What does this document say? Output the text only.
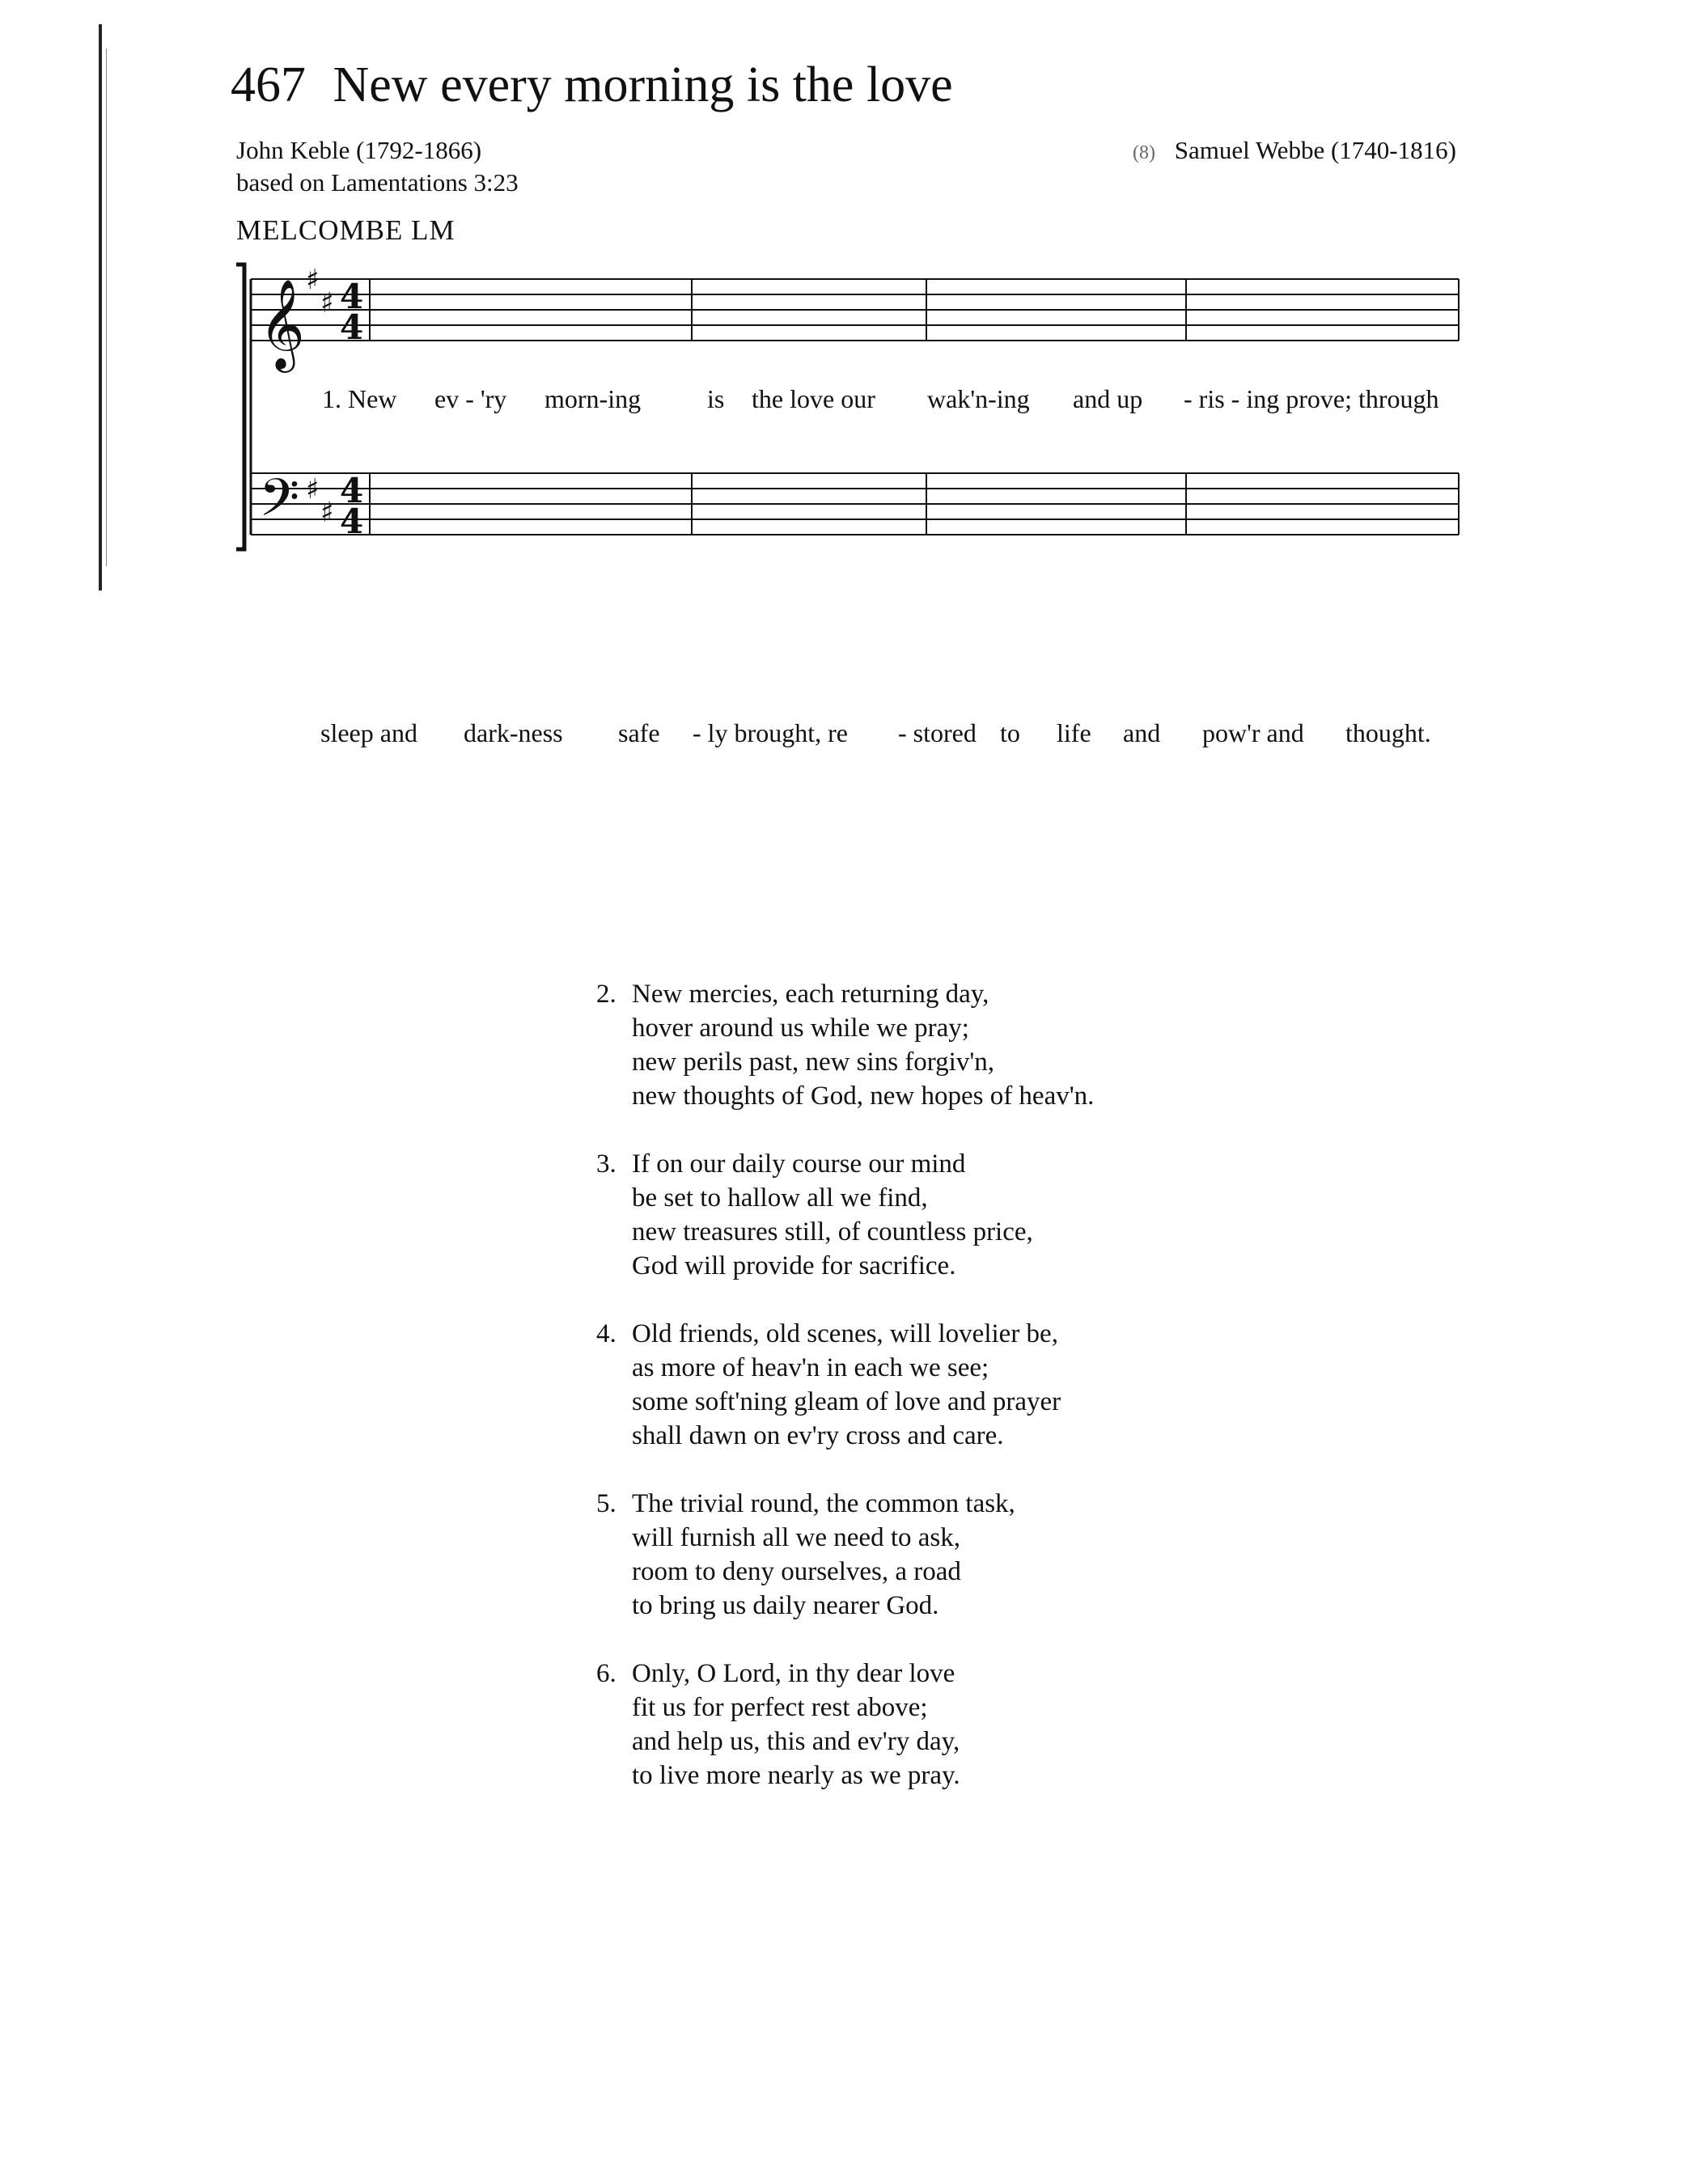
467 New every morning is the love
John Keble (1792-1866)
based on Lamentations 3:23
(8) Samuel Webbe (1740-1816)
MELCOMBE LM
𝄞
𝄢
♯
♯
♯
♯
4
4
4
4
1. New ev - 'ry morn-ing	is the love our wak'n-ing and up - ris - ing prove; through
sleep and dark-ness safe - ly brought, re - stored to life and pow'r and thought.
2. New mercies, each returning day,
hover around us while we pray;
new perils past, new sins forgiv'n,
new thoughts of God, new hopes of heav'n.
3. If on our daily course our mind
be set to hallow all we find,
new treasures still, of countless price,
God will provide for sacrifice.
4. Old friends, old scenes, will lovelier be,
as more of heav'n in each we see;
some soft'ning gleam of love and prayer
shall dawn on ev'ry cross and care.
5. The trivial round, the common task,
will furnish all we need to ask,
room to deny ourselves, a road
to bring us daily nearer God.
6. Only, O Lord, in thy dear love
fit us for perfect rest above;
and help us, this and ev'ry day,
to live more nearly as we pray.
